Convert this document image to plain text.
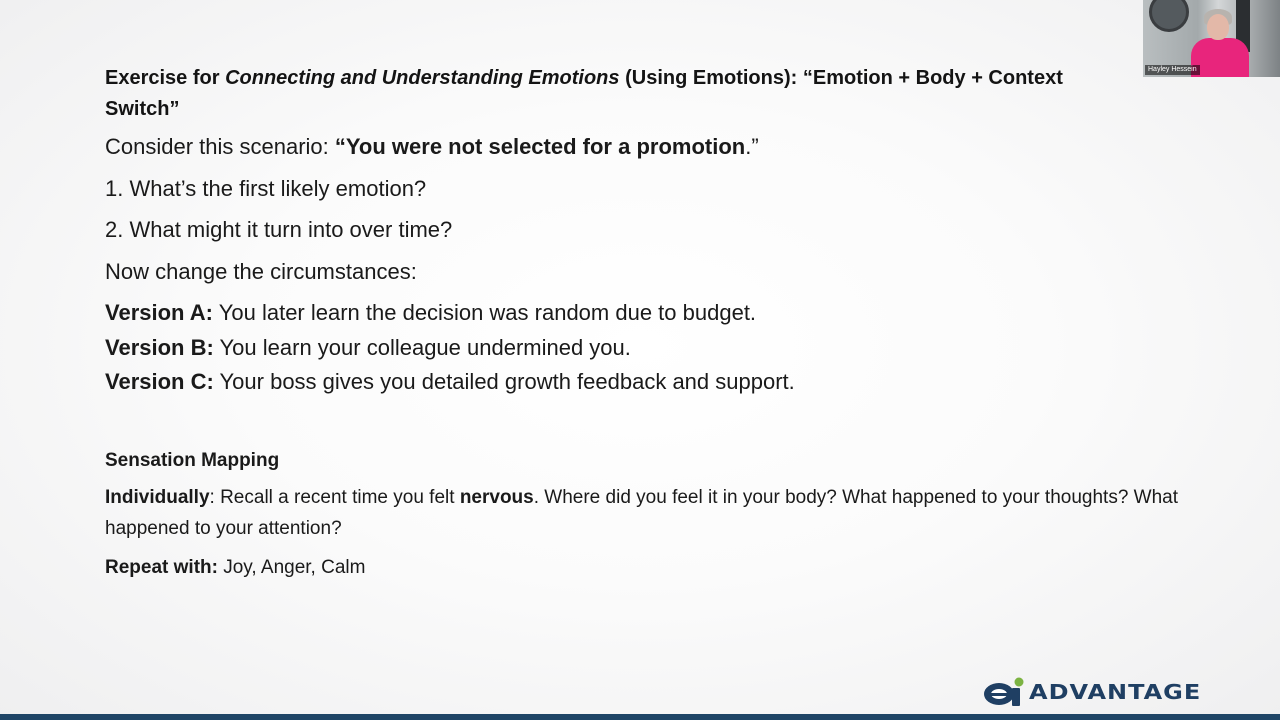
Exercise for Connecting and Understanding Emotions (Using Emotions): “Emotion + Body + Context Switch”
Consider this scenario: “You were not selected for a promotion.”
1. What’s the first likely emotion?
2. What might it turn into over time?
Now change the circumstances:
Version A: You later learn the decision was random due to budget.
Version B: You learn your colleague undermined you.
Version C: Your boss gives you detailed growth feedback and support.
Sensation Mapping
Individually: Recall a recent time you felt nervous. Where did you feel it in your body? What happened to your thoughts? What happened to your attention?
Repeat with: Joy, Anger, Calm
ADVANTAGE
Hayley Hessein
